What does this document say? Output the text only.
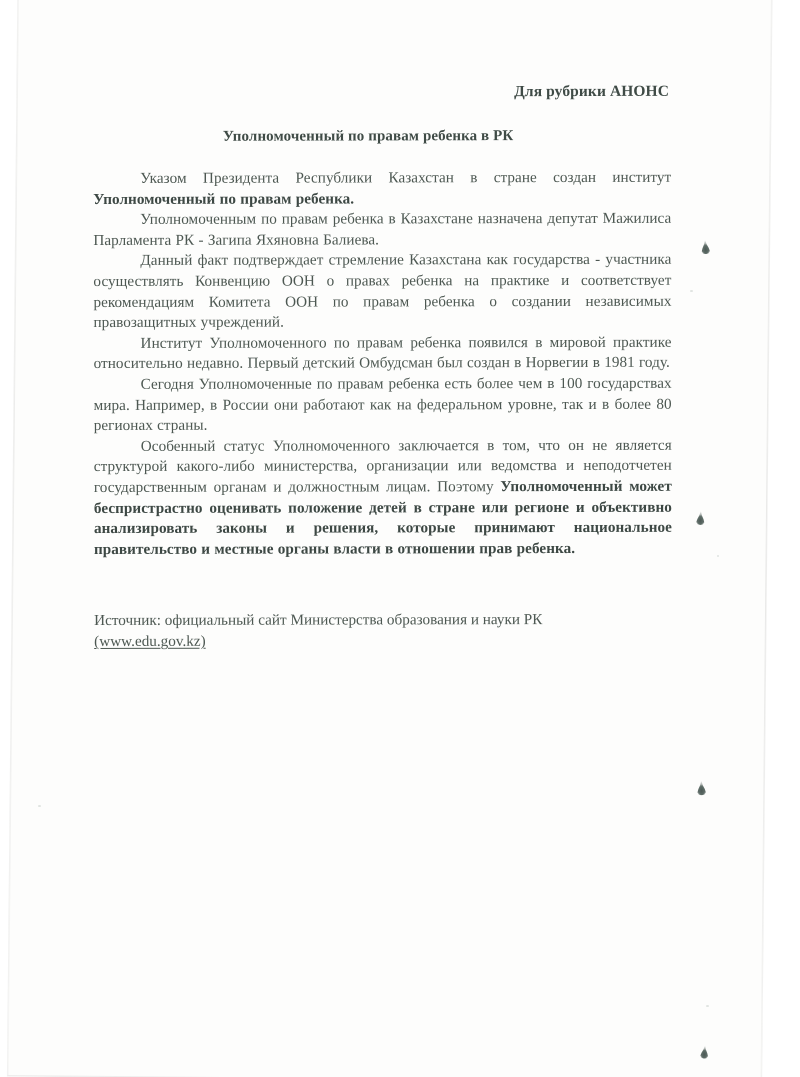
Для рубрики АНОНС

Уполномоченный по правам ребенка в РК

Указом Президента Республики Казахстан в стране создан институт Уполномоченный по правам ребенка.

Уполномоченным по правам ребенка в Казахстане назначена депутат Мажилиса Парламента РК - Загипа Яхяновна Балиева.

Данный факт подтверждает стремление Казахстана как государства - участника осуществлять Конвенцию ООН о правах ребенка на практике и соответствует рекомендациям Комитета ООН по правам ребенка о создании независимых правозащитных учреждений.

Институт Уполномоченного по правам ребенка появился в мировой практике относительно недавно. Первый детский Омбудсман был создан в Норвегии в 1981 году.

Сегодня Уполномоченные по правам ребенка есть более чем в 100 государствах мира. Например, в России они работают как на федеральном уровне, так и в более 80 регионах страны.

Особенный статус Уполномоченного заключается в том, что он не является структурой какого-либо министерства, организации или ведомства и неподотчетен государственным органам и должностным лицам. Поэтому Уполномоченный может беспристрастно оценивать положение детей в стране или регионе и объективно анализировать законы и решения, которые принимают национальное правительство и местные органы власти в отношении прав ребенка.

Источник: официальный сайт Министерства образования и науки РК
(www.edu.gov.kz)
